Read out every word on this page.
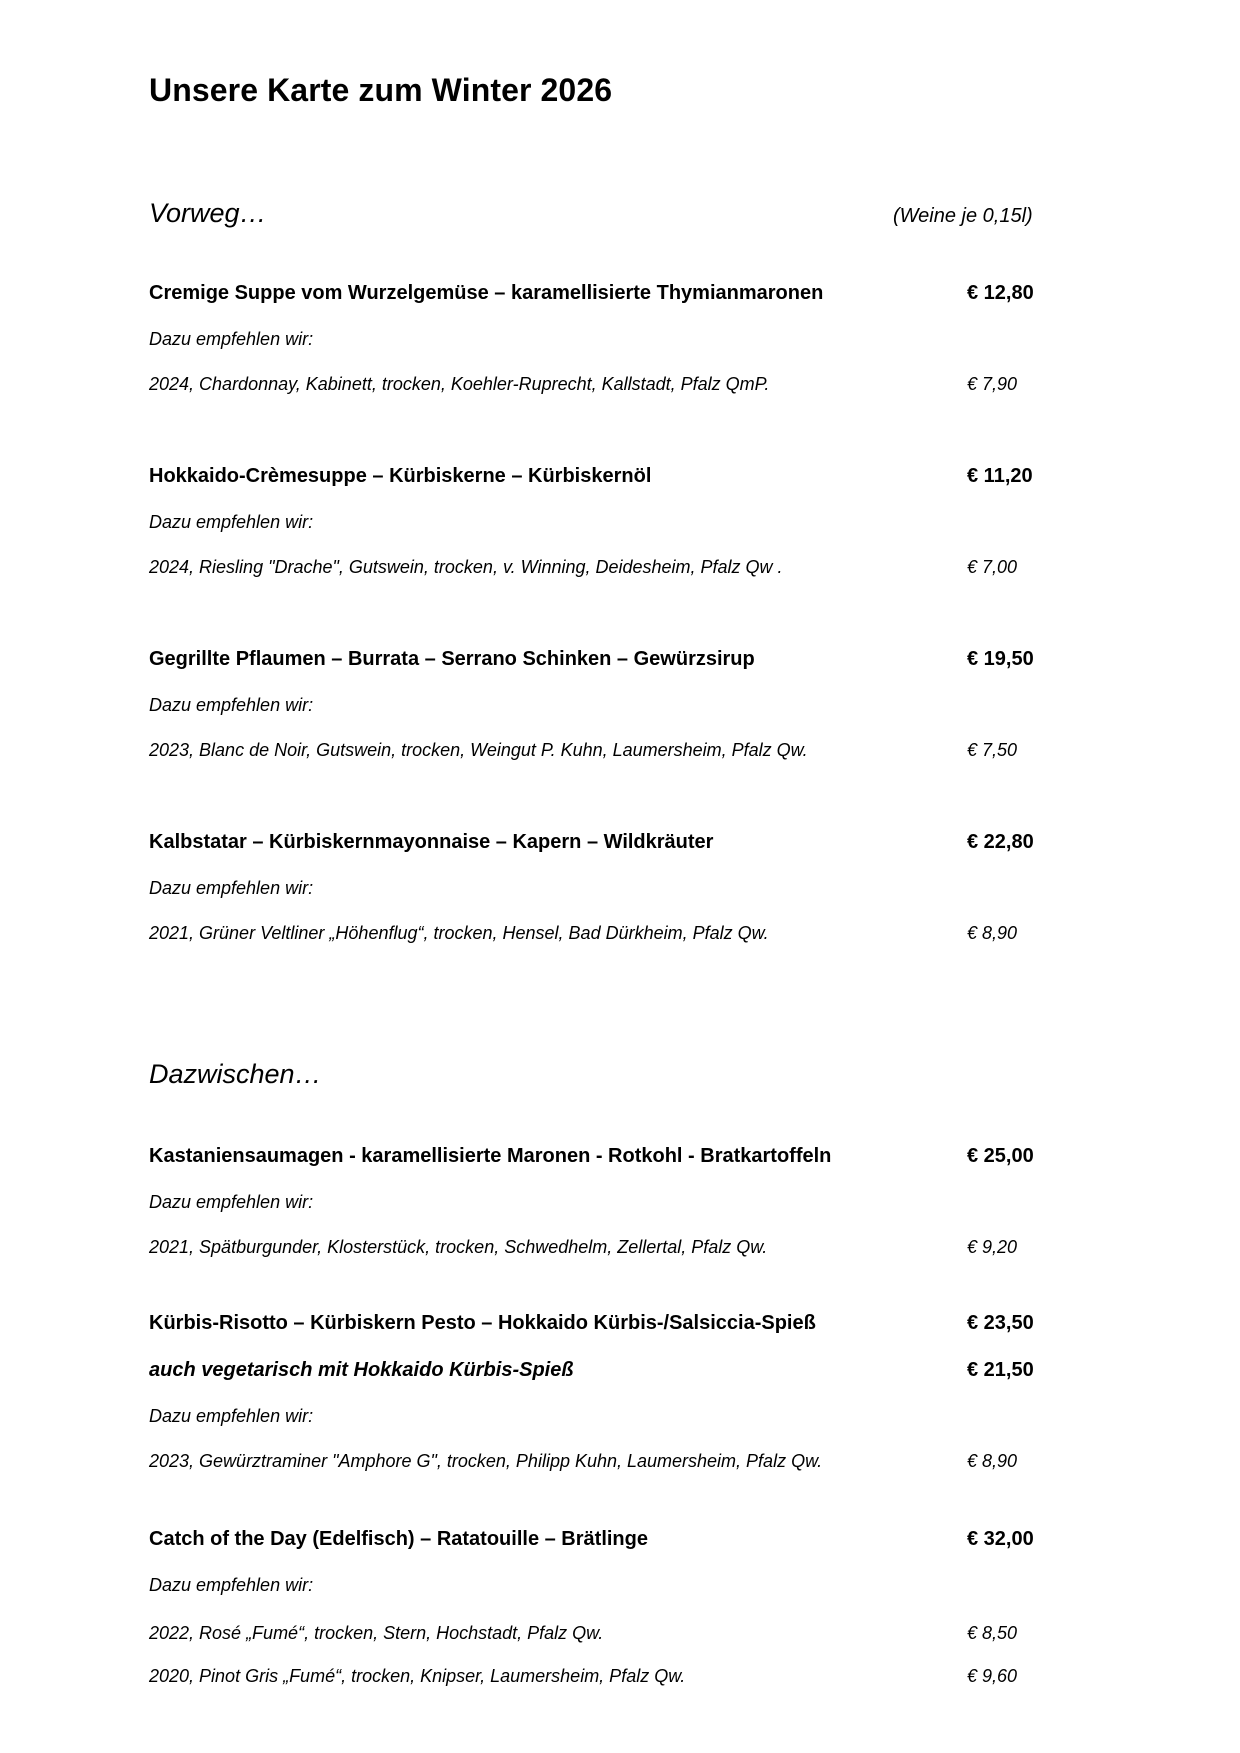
Unsere Karte zum Winter 2026
Vorweg…	(Weine je 0,15l)
Cremige Suppe vom Wurzelgemüse – karamellisierte Thymianmaronen	€ 12,80
Dazu empfehlen wir:
2024, Chardonnay, Kabinett, trocken, Koehler-Ruprecht, Kallstadt, Pfalz QmP.	€ 7,90
Hokkaido-Crèmesuppe – Kürbiskerne – Kürbiskernöl	€ 11,20
Dazu empfehlen wir:
2024, Riesling "Drache", Gutswein, trocken, v. Winning, Deidesheim, Pfalz Qw .	€ 7,00
Gegrillte Pflaumen – Burrata – Serrano Schinken – Gewürzsirup	€ 19,50
Dazu empfehlen wir:
2023, Blanc de Noir, Gutswein, trocken, Weingut P. Kuhn, Laumersheim, Pfalz Qw.	€ 7,50
Kalbstatar – Kürbiskernmayonnaise – Kapern – Wildkräuter	€ 22,80
Dazu empfehlen wir:
2021, Grüner Veltliner „Höhenflug“, trocken, Hensel, Bad Dürkheim, Pfalz Qw.	€ 8,90
Dazwischen…
Kastaniensaumagen - karamellisierte Maronen - Rotkohl - Bratkartoffeln	€ 25,00
Dazu empfehlen wir:
2021, Spätburgunder, Klosterstück, trocken, Schwedhelm, Zellertal, Pfalz Qw.	€ 9,20
Kürbis-Risotto – Kürbiskern Pesto – Hokkaido Kürbis-/Salsiccia-Spieß	€ 23,50
auch vegetarisch mit Hokkaido Kürbis-Spieß	€ 21,50
Dazu empfehlen wir:
2023, Gewürztraminer "Amphore G", trocken, Philipp Kuhn, Laumersheim, Pfalz Qw.	€ 8,90
Catch of the Day (Edelfisch) – Ratatouille – Brätlinge	€ 32,00
Dazu empfehlen wir:
2022, Rosé „Fumé“, trocken, Stern, Hochstadt, Pfalz Qw.	€ 8,50
2020, Pinot Gris „Fumé“, trocken, Knipser, Laumersheim, Pfalz Qw.	€ 9,60
